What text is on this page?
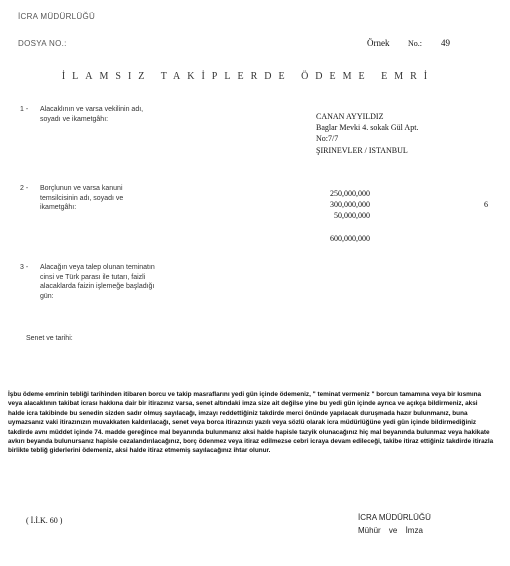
İCRA MÜDÜRLÜĞÜ
DOSYA NO.:	Örnek No.: 49
İLAMSIZ TAKİPLERDE ÖDEME EMRİ
1 - Alacaklının ve varsa vekilinin adı, soyadı ve ikametgâhı:	CANAN AYYILDIZ
Baglar Mevki 4. sokak Gül Apt.
No:7/7
ŞIRINEVLER / ISTANBUL
2 - Borçlunun ve varsa kanuni temsilcisinin adı, soyadı ve ikametgâhı:
250,000,000
300,000,000
50,000,000
600,000,000
6
3 - Alacağın veya talep olunan teminatın cinsi ve Türk parası ile tutarı, faizli alacaklarda faizin işlemeğe başladığı gün:
Senet ve tarihi:
İşbu ödeme emrinin tebliği tarihinden itibaren borcu ve takip masraflarını yedi gün içinde ödemeniz, " teminat vermeniz " borcun tamamına veya bir kısmına veya alacaklının takibat icrası hakkına dair bir itirazınız varsa, senet altındaki imza size ait değilse yine bu yedi gün içinde ayrıca ve açıkça bildirmeniz, aksi halde icra takibinde bu senedin sizden sadır olmuş sayılacağı, imzayı reddettiğiniz takdirde merci önünde yapılacak duruşmada hazır bulunmanız, buna uymazsanız vaki itirazınızın muvakkaten kaldırılacağı, senet veya borca itirazınızı yazılı veya sözlü olarak icra müdürlüğüne yedi gün içinde bildirmediğiniz takdirde avnı müddet içinde 74. madde gereğince mal beyanında bulunmanız aksi halde hapisle tazyik olunacağınız hiç mal beyanında bulunmaz veya hakikate avkırı beyanda bulunursanız hapisle cezalandırılacağınız, borç ödenmez veya itiraz edilmezse cebri icraya devam edileceği, takibe itiraz ettiğiniz takdirde itirazla birlikte tebliğ giderlerini ödemeniz, aksi halde itiraz etmemiş sayılacağınız ihtar olunur.
( İ.İ.K. 60 )	İCRA MÜDÜRLÜĞÜ
Mühür ve İmza
